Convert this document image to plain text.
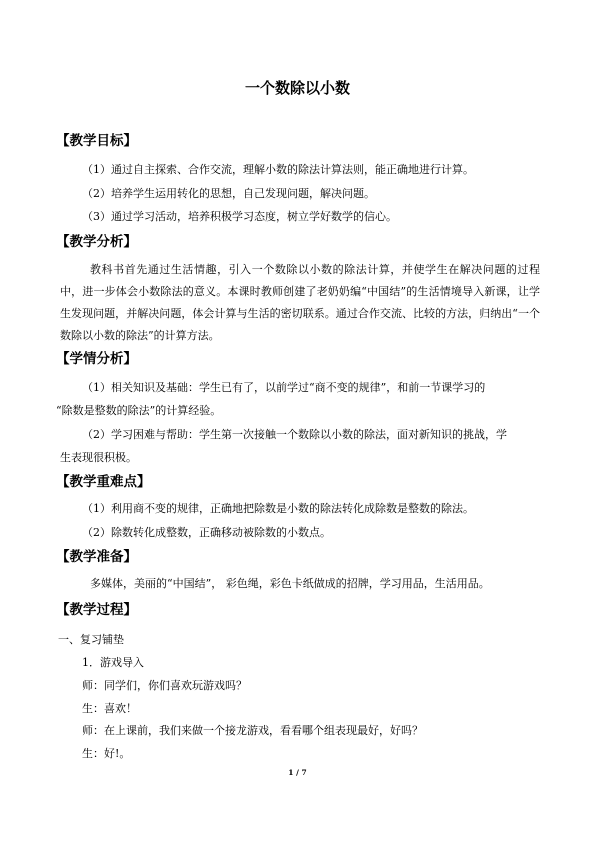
一个数除以小数
【教学目标】
（1）通过自主探索、合作交流，理解小数的除法计算法则，能正确地进行计算。
（2）培养学生运用转化的思想，自己发现问题，解决问题。
（3）通过学习活动，培养积极学习态度，树立学好数学的信心。
【教学分析】

教科书首先通过生活情趣，引入一个数除以小数的除法计算，并使学生在解决问题的过程中，进一步体会小数除法的意义。本课时教师创建了老奶奶编“中国结”的生活情境导入新课，让学生发现问题，并解决问题，体会计算与生活的密切联系。通过合作交流、比较的方法，归纳出“一个数除以小数的除法”的计算方法。

【学情分析】
（1）相关知识及基础：学生已有了，以前学过“商不变的规律”，和前一节课学习的
“除数是整数的除法”的计算经验。
（2）学习困难与帮助：学生第一次接触一个数除以小数的除法，面对新知识的挑战，学
生表现很积极。
【教学重难点】
（1）利用商不变的规律，正确地把除数是小数的除法转化成除数是整数的除法。
（2）除数转化成整数，正确移动被除数的小数点。
【教学准备】
多媒体，美丽的“中国结”， 彩色绳，彩色卡纸做成的招牌，学习用品，生活用品。
【教学过程】
一、复习铺垫
1．游戏导入
师：同学们，你们喜欢玩游戏吗？
生：喜欢！
师：在上课前，我们来做一个接龙游戏，看看哪个组表现最好，好吗？
生：好!。
1 / 7
